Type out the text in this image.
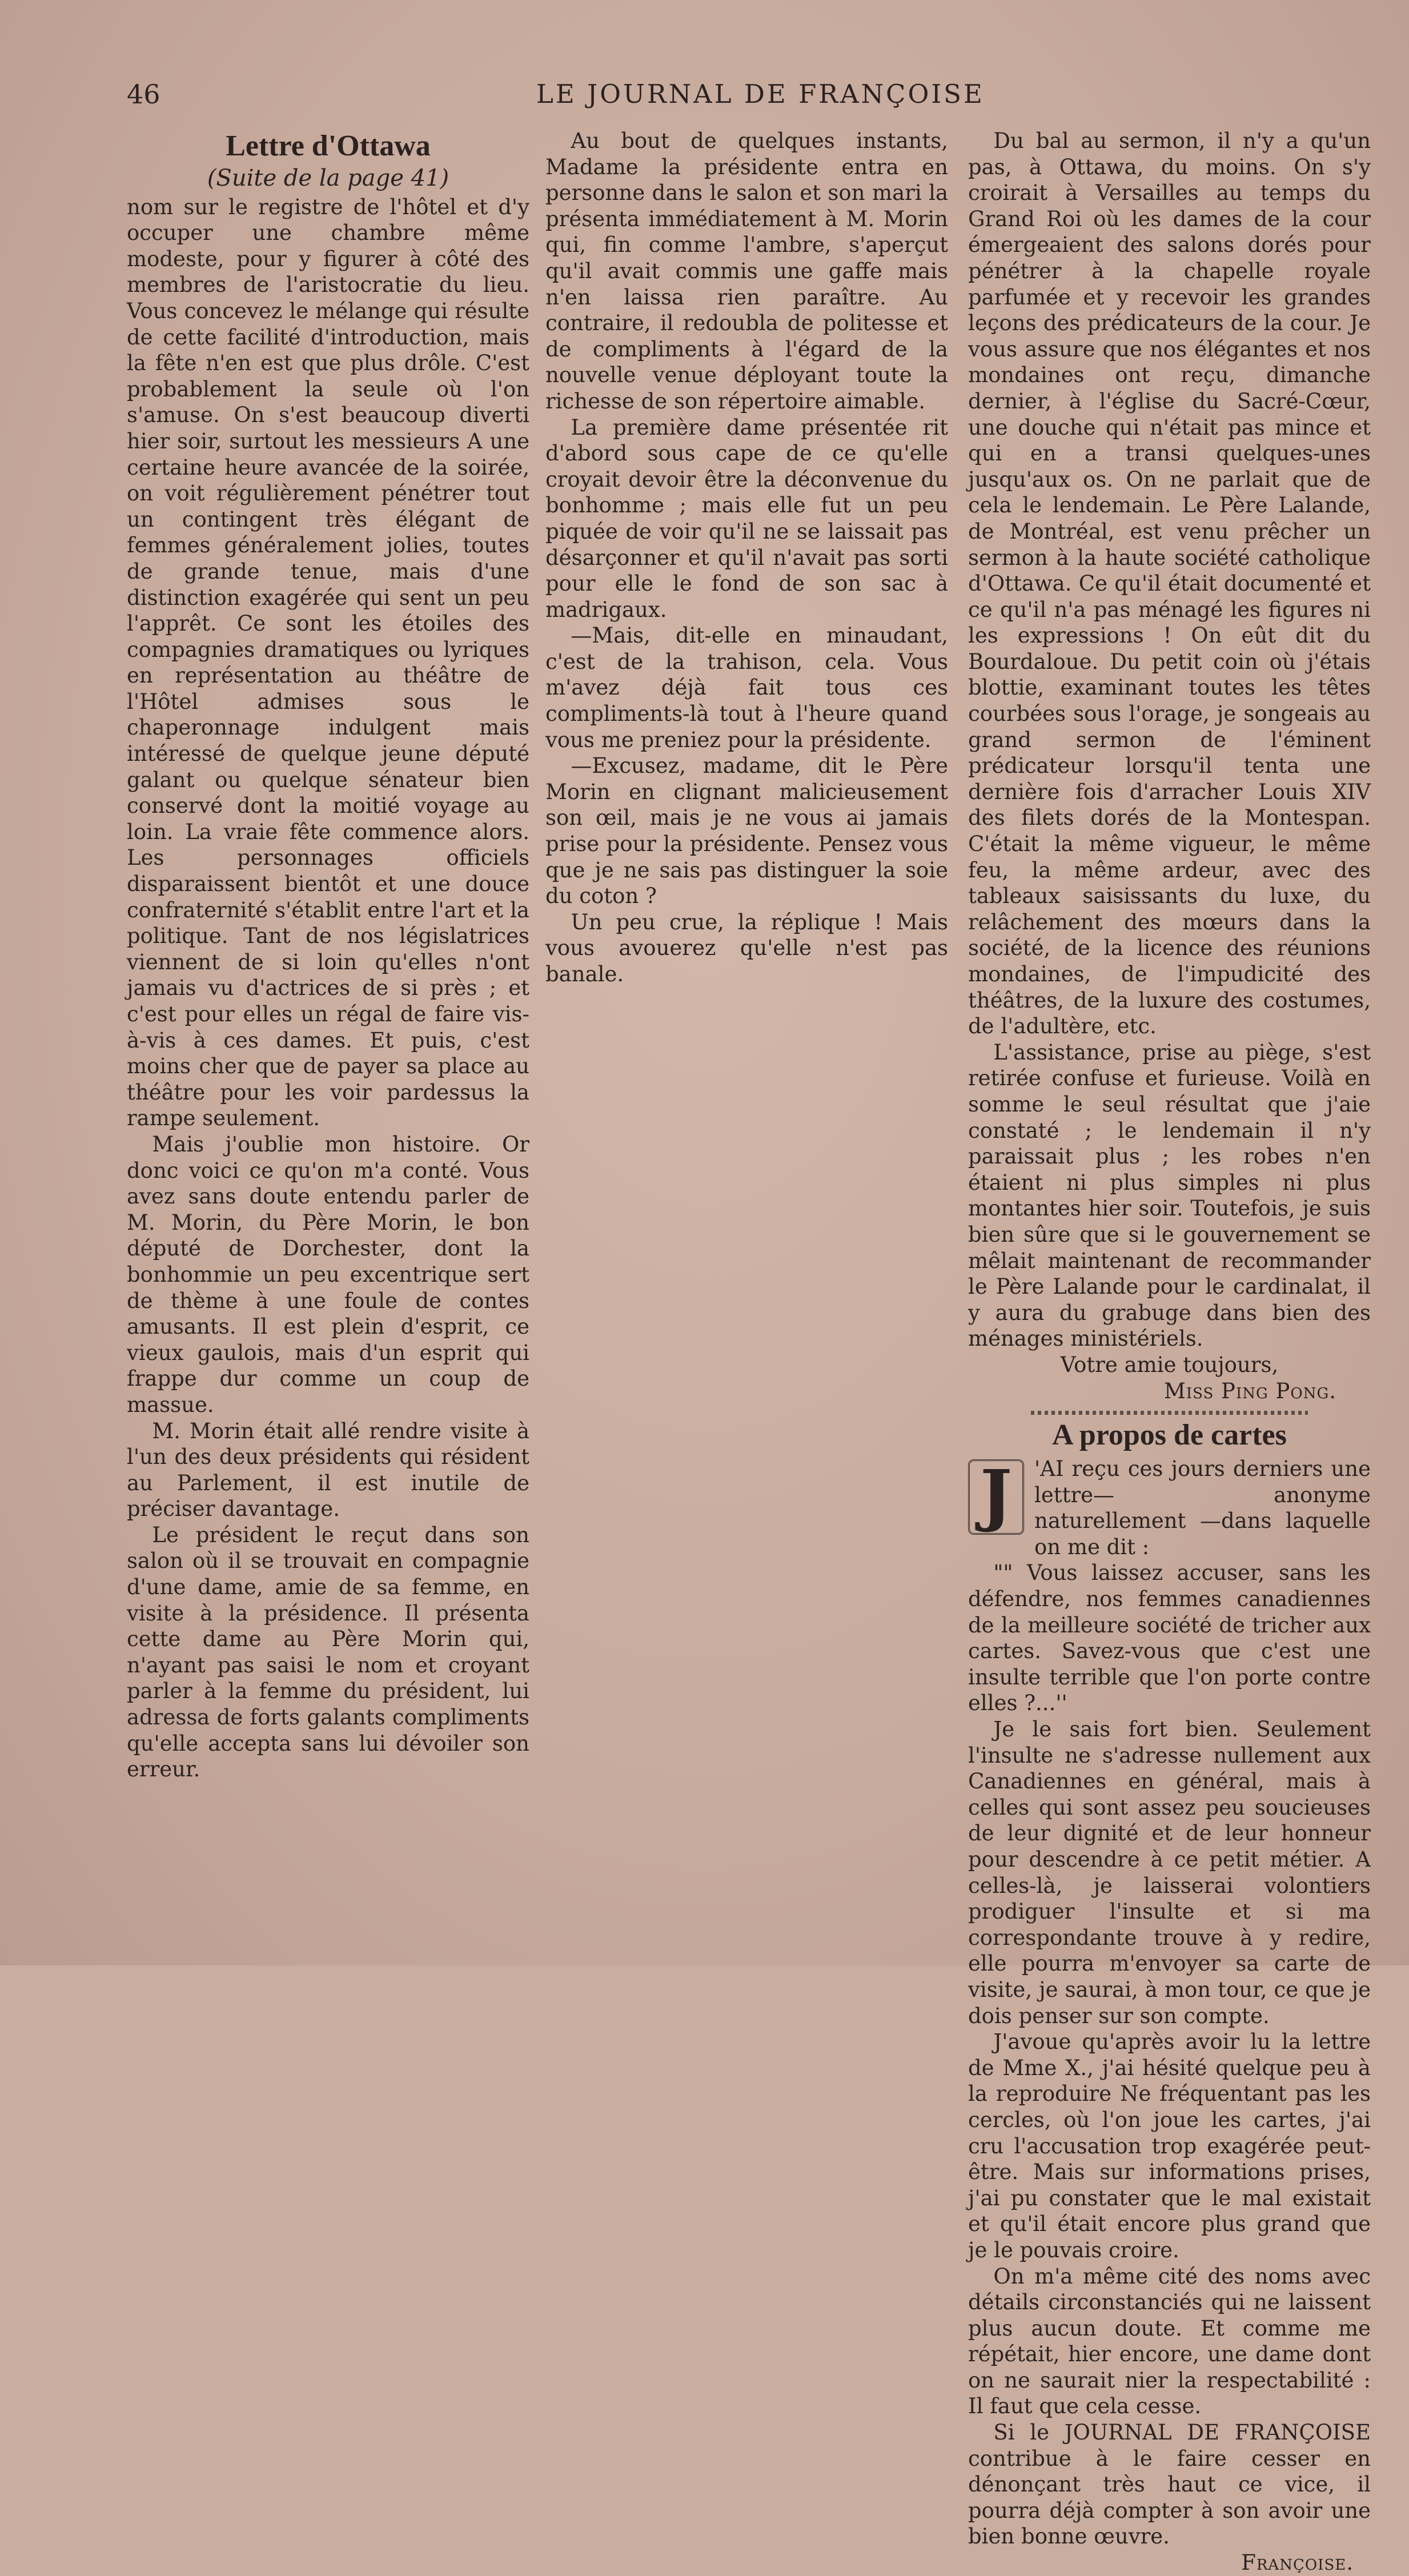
46	LE JOURNAL DE FRANÇOISE
Lettre d'Ottawa
(Suite de la page 41)

nom sur le registre de l'hôtel et d'y occuper une chambre même modeste, pour y figurer à côté des membres de l'aristocratie du lieu. Vous concevez le mélange qui résulte de cette facilité d'introduction, mais la fête n'en est que plus drôle. C'est probablement la seule où l'on s'amuse. On s'est beaucoup diverti hier soir, surtout les messieurs A une certaine heure avancée de la soirée, on voit régulièrement pénétrer tout un contingent très élégant de femmes généralement jolies, toutes de grande tenue, mais d'une distinction exagérée qui sent un peu l'apprêt. Ce sont les étoiles des compagnies dramatiques ou lyriques en représentation au théâtre de l'Hôtel admises sous le chaperonnage indulgent mais intéressé de quelque jeune député galant ou quelque sénateur bien conservé dont la moitié voyage au loin. La vraie fête commence alors. Les personnages officiels disparaissent bientôt et une douce confraternité s'établit entre l'art et la politique. Tant de nos législatrices viennent de si loin qu'elles n'ont jamais vu d'actrices de si près ; et c'est pour elles un régal de faire vis-à-vis à ces dames. Et puis, c'est moins cher que de payer sa place au théâtre pour les voir pardessus la rampe seulement.

Mais j'oublie mon histoire. Or donc voici ce qu'on m'a conté. Vous avez sans doute entendu parler de M. Morin, du Père Morin, le bon député de Dorchester, dont la bonhommie un peu excentrique sert de thème à une foule de contes amusants. Il est plein d'esprit, ce vieux gaulois, mais d'un esprit qui frappe dur comme un coup de massue.

M. Morin était allé rendre visite à l'un des deux présidents qui résident au Parlement, il est inutile de préciser davantage.

Le président le reçut dans son salon où il se trouvait en compagnie d'une dame, amie de sa femme, en visite à la présidence. Il présenta cette dame au Père Morin qui, n'ayant pas saisi le nom et croyant parler à la femme du président, lui adressa de forts galants compliments qu'elle accepta sans lui dévoiler son erreur.

Au bout de quelques instants, Madame la présidente entra en personne dans le salon et son mari la présenta immédiatement à M. Morin qui, fin comme l'ambre, s'aperçut qu'il avait commis une gaffe mais n'en laissa rien paraître. Au contraire, il redoubla de politesse et de compliments à l'égard de la nouvelle venue déployant toute la richesse de son répertoire aimable.

La première dame présentée rit d'abord sous cape de ce qu'elle croyait devoir être la déconvenue du bonhomme ; mais elle fut un peu piquée de voir qu'il ne se laissait pas désarçonner et qu'il n'avait pas sorti pour elle le fond de son sac à madrigaux.

—Mais, dit-elle en minaudant, c'est de la trahison, cela. Vous m'avez déjà fait tous ces compliments-là tout à l'heure quand vous me preniez pour la présidente.

—Excusez, madame, dit le Père Morin en clignant malicieusement son œil, mais je ne vous ai jamais prise pour la présidente. Pensez vous que je ne sais pas distinguer la soie du coton ?

Un peu crue, la réplique ! Mais vous avouerez qu'elle n'est pas banale.

Du bal au sermon, il n'y a qu'un pas, à Ottawa, du moins. On s'y croirait à Versailles au temps du Grand Roi où les dames de la cour émergeaient des salons dorés pour pénétrer à la chapelle royale parfumée et y recevoir les grandes leçons des prédicateurs de la cour. Je vous assure que nos élégantes et nos mondaines ont reçu, dimanche dernier, à l'église du Sacré-Cœur, une douche qui n'était pas mince et qui en a transi quelques-unes jusqu'aux os. On ne parlait que de cela le lendemain. Le Père Lalande, de Montréal, est venu prêcher un sermon à la haute société catholique d'Ottawa. Ce qu'il était documenté et ce qu'il n'a pas ménagé les figures ni les expressions ! On eût dit du Bourdaloue. Du petit coin où j'étais blottie, examinant toutes les têtes courbées sous l'orage, je songeais au grand sermon de l'éminent prédicateur lorsqu'il tenta une dernière fois d'arracher Louis XIV des filets dorés de la Montespan. C'était la même vigueur, le même feu, la même ardeur, avec des tableaux saisissants du luxe, du relâchement des mœurs dans la société, de la licence des réunions mondaines, de l'impudicité des théâtres, de la luxure des costumes, de l'adultère, etc.

L'assistance, prise au piège, s'est retirée confuse et furieuse. Voilà en somme le seul résultat que j'aie constaté ; le lendemain il n'y paraissait plus ; les robes n'en étaient ni plus simples ni plus montantes hier soir. Toutefois, je suis bien sûre que si le gouvernement se mêlait maintenant de recommander le Père Lalande pour le cardinalat, il y aura du grabuge dans bien des ménages ministériels.

Votre amie toujours,

Miss Ping Pong.

A propos de cartes
J	'AI reçu ces jours derniers une lettre— anonyme naturellement —dans laquelle on me dit :

"" Vous laissez accuser, sans les défendre, nos femmes canadiennes de la meilleure société de tricher aux cartes. Savez-vous que c'est une insulte terrible que l'on porte contre elles ?...''

Je le sais fort bien. Seulement l'insulte ne s'adresse nullement aux Canadiennes en général, mais à celles qui sont assez peu soucieuses de leur dignité et de leur honneur pour descendre à ce petit métier. A celles-là, je laisserai volontiers prodiguer l'insulte et si ma correspondante trouve à y redire, elle pourra m'envoyer sa carte de visite, je saurai, à mon tour, ce que je dois penser sur son compte.

J'avoue qu'après avoir lu la lettre de Mme X., j'ai hésité quelque peu à la reproduire Ne fréquentant pas les cercles, où l'on joue les cartes, j'ai cru l'accusation trop exagérée peut-être. Mais sur informations prises, j'ai pu constater que le mal existait et qu'il était encore plus grand que je le pouvais croire.

On m'a même cité des noms avec détails circonstanciés qui ne laissent plus aucun doute. Et comme me répétait, hier encore, une dame dont on ne saurait nier la respectabilité : Il faut que cela cesse.

Si le JOURNAL DE FRANÇOISE contribue à le faire cesser en dénonçant très haut ce vice, il pourra déjà compter à son avoir une bien bonne œuvre.

Françoise.
